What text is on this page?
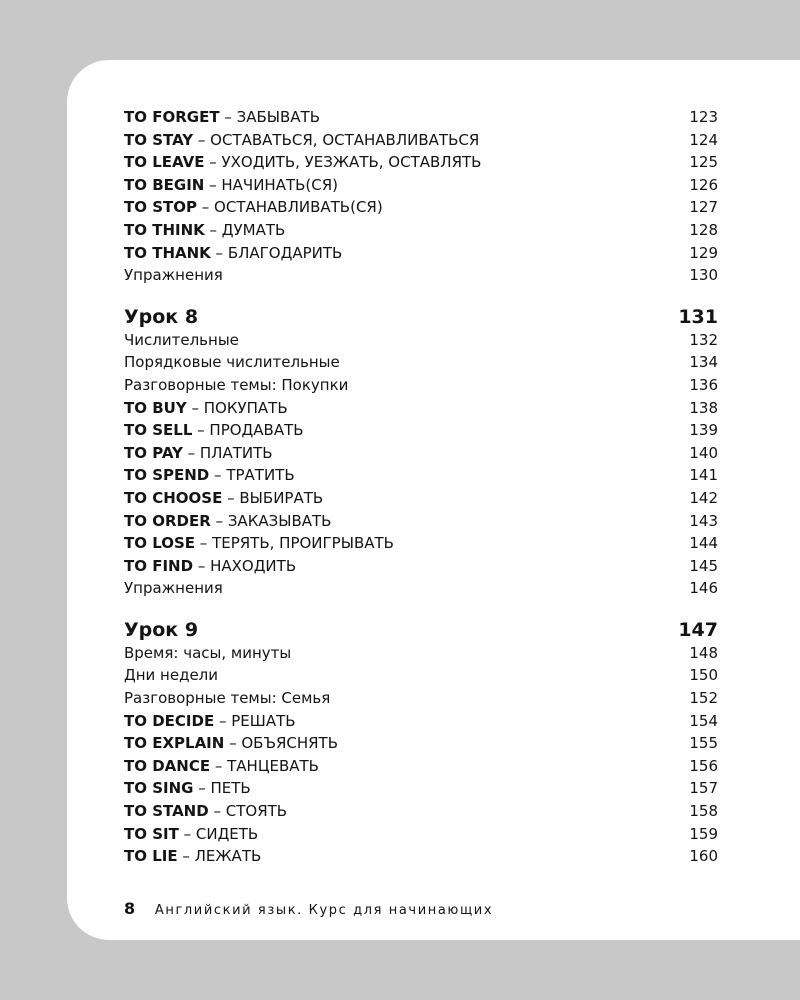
TO FORGET – ЗАБЫВАТЬ	123
TO STAY – ОСТАВАТЬСЯ, ОСТАНАВЛИВАТЬСЯ	124
TO LEAVE – УХОДИТЬ, УЕЗЖАТЬ, ОСТАВЛЯТЬ	125
TO BEGIN – НАЧИНАТЬ(СЯ)	126
TO STOP – ОСТАНАВЛИВАТЬ(СЯ)	127
TO THINK – ДУМАТЬ	128
TO THANK – БЛАГОДАРИТЬ	129
Упражнения	130
Урок 8	131
Числительные	132
Порядковые числительные	134
Разговорные темы: Покупки	136
TO BUY – ПОКУПАТЬ	138
TO SELL – ПРОДАВАТЬ	139
TO PAY – ПЛАТИТЬ	140
TO SPEND – ТРАТИТЬ	141
TO CHOOSE – ВЫБИРАТЬ	142
TO ORDER – ЗАКАЗЫВАТЬ	143
TO LOSE – ТЕРЯТЬ, ПРОИГРЫВАТЬ	144
TO FIND – НАХОДИТЬ	145
Упражнения	146
Урок 9	147
Время: часы, минуты	148
Дни недели	150
Разговорные темы: Семья	152
TO DECIDE – РЕШАТЬ	154
TO EXPLAIN – ОБЪЯСНЯТЬ	155
TO DANCE – ТАНЦЕВАТЬ	156
TO SING – ПЕТЬ	157
TO STAND – СТОЯТЬ	158
TO SIT – СИДЕТЬ	159
TO LIE – ЛЕЖАТЬ	160
8 Английский язык. Курс для начинающих
